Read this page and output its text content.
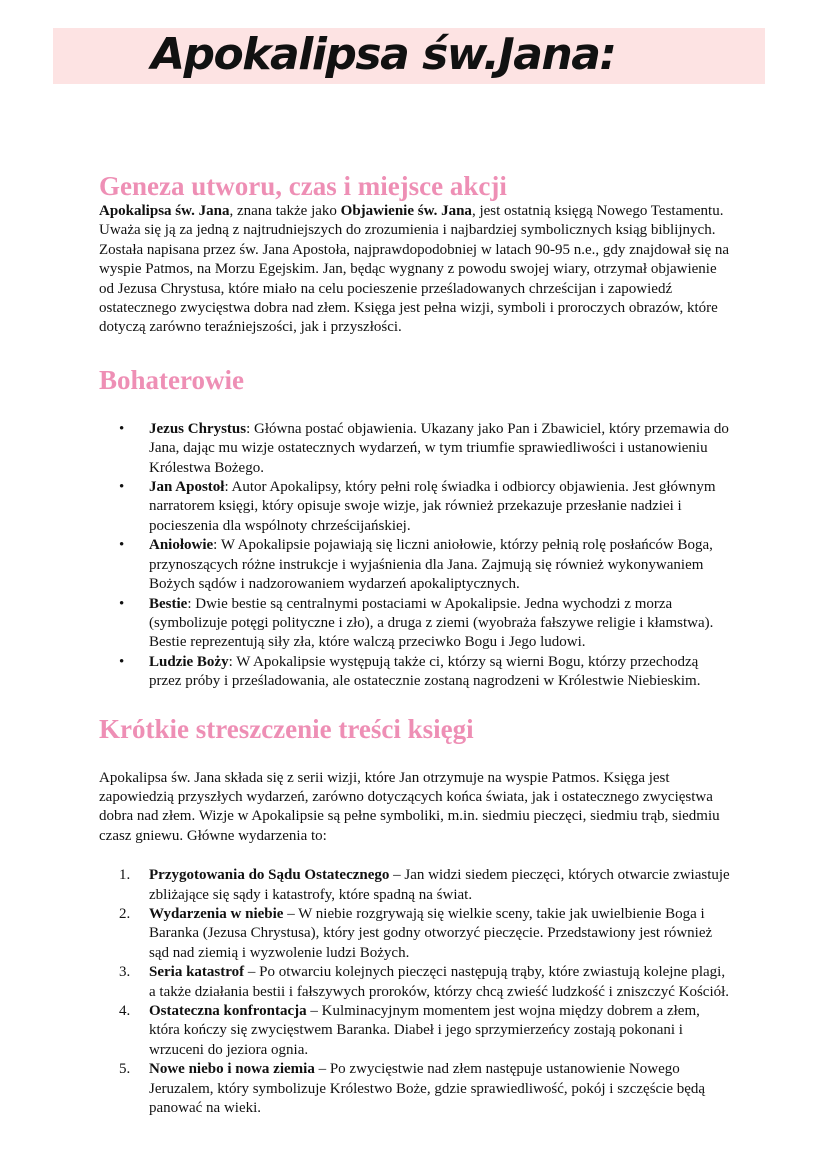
Apokalipsa św.Jana:
Geneza utworu, czas i miejsce akcji

Apokalipsa św. Jana, znana także jako Objawienie św. Jana, jest ostatnią księgą Nowego Testamentu. Uważa się ją za jedną z najtrudniejszych do zrozumienia i najbardziej symbolicznych ksiąg biblijnych. Została napisana przez św. Jana Apostoła, najprawdopodobniej w latach 90-95 n.e., gdy znajdował się na wyspie Patmos, na Morzu Egejskim. Jan, będąc wygnany z powodu swojej wiary, otrzymał objawienie od Jezusa Chrystusa, które miało na celu pocieszenie prześladowanych chrześcijan i zapowiedź ostatecznego zwycięstwa dobra nad złem. Księga jest pełna wizji, symboli i proroczych obrazów, które dotyczą zarówno teraźniejszości, jak i przyszłości.

Bohaterowie
• Jezus Chrystus: Główna postać objawienia. Ukazany jako Pan i Zbawiciel, który przemawia do Jana, dając mu wizje ostatecznych wydarzeń, w tym triumfie sprawiedliwości i ustanowieniu Królestwa Bożego.
• Jan Apostoł: Autor Apokalipsy, który pełni rolę świadka i odbiorcy objawienia. Jest głównym narratorem księgi, który opisuje swoje wizje, jak również przekazuje przesłanie nadziei i pocieszenia dla wspólnoty chrześcijańskiej.
• Aniołowie: W Apokalipsie pojawiają się liczni aniołowie, którzy pełnią rolę posłańców Boga, przynoszących różne instrukcje i wyjaśnienia dla Jana. Zajmują się również wykonywaniem Bożych sądów i nadzorowaniem wydarzeń apokaliptycznych.
• Bestie: Dwie bestie są centralnymi postaciami w Apokalipsie. Jedna wychodzi z morza (symbolizuje potęgi polityczne i zło), a druga z ziemi (wyobraża fałszywe religie i kłamstwa). Bestie reprezentują siły zła, które walczą przeciwko Bogu i Jego ludowi.
• Ludzie Boży: W Apokalipsie występują także ci, którzy są wierni Bogu, którzy przechodzą przez próby i prześladowania, ale ostatecznie zostaną nagrodzeni w Królestwie Niebieskim.
Krótkie streszczenie treści księgi

Apokalipsa św. Jana składa się z serii wizji, które Jan otrzymuje na wyspie Patmos. Księga jest zapowiedzią przyszłych wydarzeń, zarówno dotyczących końca świata, jak i ostatecznego zwycięstwa dobra nad złem. Wizje w Apokalipsie są pełne symboliki, m.in. siedmiu pieczęci, siedmiu trąb, siedmiu czasz gniewu. Główne wydarzenia to:

1. Przygotowania do Sądu Ostatecznego – Jan widzi siedem pieczęci, których otwarcie zwiastuje zbliżające się sądy i katastrofy, które spadną na świat.
2. Wydarzenia w niebie – W niebie rozgrywają się wielkie sceny, takie jak uwielbienie Boga i Baranka (Jezusa Chrystusa), który jest godny otworzyć pieczęcie. Przedstawiony jest również sąd nad ziemią i wyzwolenie ludzi Bożych.
3. Seria katastrof – Po otwarciu kolejnych pieczęci następują trąby, które zwiastują kolejne plagi, a także działania bestii i fałszywych proroków, którzy chcą zwieść ludzkość i zniszczyć Kościół.
4. Ostateczna konfrontacja – Kulminacyjnym momentem jest wojna między dobrem a złem, która kończy się zwycięstwem Baranka. Diabeł i jego sprzymierzeńcy zostają pokonani i wrzuceni do jeziora ognia.
5. Nowe niebo i nowa ziemia – Po zwycięstwie nad złem następuje ustanowienie Nowego Jeruzalem, który symbolizuje Królestwo Boże, gdzie sprawiedliwość, pokój i szczęście będą panować na wieki.
